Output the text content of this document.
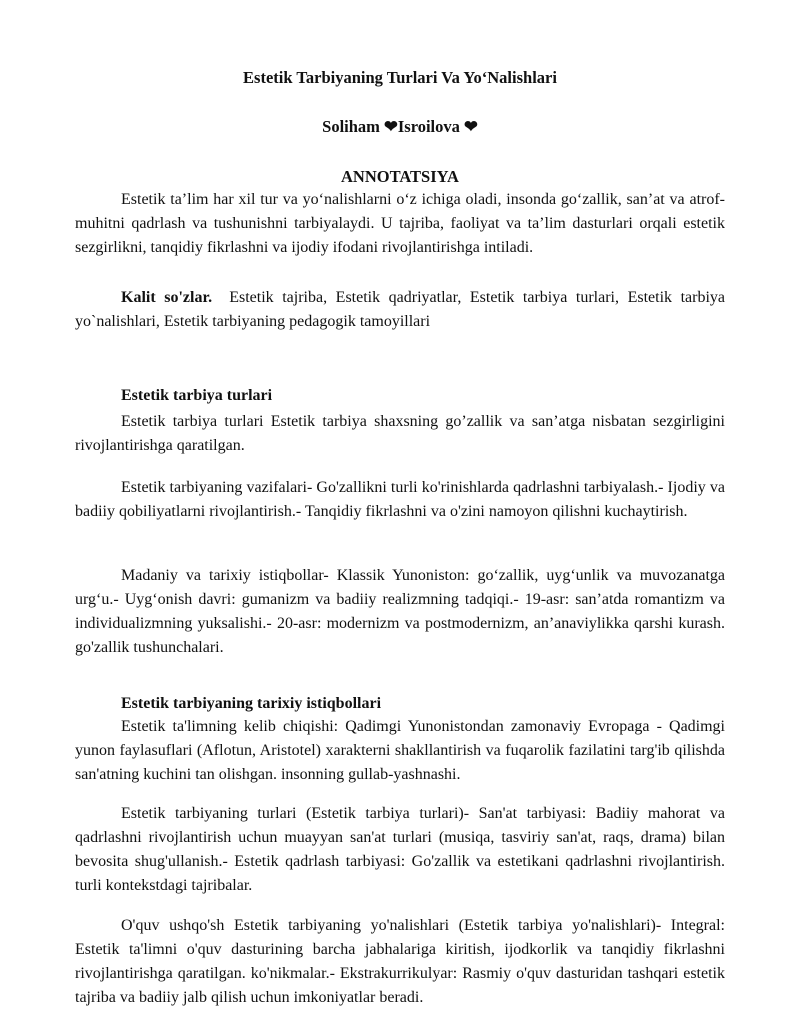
Estetik Tarbiyaning Turlari Va Yo‘Nalishlari
Soliham ❤Isroilova ❤
ANNOTATSIYA

Estetik ta’lim har xil tur va yo‘nalishlarni o‘z ichiga oladi, insonda go‘zallik, san’at va atrof-muhitni qadrlash va tushunishni tarbiyalaydi. U tajriba, faoliyat va ta’lim dasturlari orqali estetik sezgirlikni, tanqidiy fikrlashni va ijodiy ifodani rivojlantirishga intiladi.

Kalit so'zlar. Estetik tajriba, Estetik qadriyatlar, Estetik tarbiya turlari, Estetik tarbiya yo`nalishlari, Estetik tarbiyaning pedagogik tamoyillari

Estetik tarbiya turlari

Estetik tarbiya turlari Estetik tarbiya shaxsning go’zallik va san’atga nisbatan sezgirligini rivojlantirishga qaratilgan.

Estetik tarbiyaning vazifalari- Go'zallikni turli ko'rinishlarda qadrlashni tarbiyalash.- Ijodiy va badiiy qobiliyatlarni rivojlantirish.- Tanqidiy fikrlashni va o'zini namoyon qilishni kuchaytirish.

Madaniy va tarixiy istiqbollar- Klassik Yunoniston: go‘zallik, uyg‘unlik va muvozanatga urg‘u.- Uyg‘onish davri: gumanizm va badiiy realizmning tadqiqi.- 19-asr: san’atda romantizm va individualizmning yuksalishi.- 20-asr: modernizm va postmodernizm, an’anaviylikka qarshi kurash. go'zallik tushunchalari.

Estetik tarbiyaning tarixiy istiqbollari

Estetik ta'limning kelib chiqishi: Qadimgi Yunonistondan zamonaviy Evropaga - Qadimgi yunon faylasuflari (Aflotun, Aristotel) xarakterni shakllantirish va fuqarolik fazilatini targ'ib qilishda san'atning kuchini tan olishgan. insonning gullab-yashnashi.

Estetik tarbiyaning turlari (Estetik tarbiya turlari)- San'at tarbiyasi: Badiiy mahorat va qadrlashni rivojlantirish uchun muayyan san'at turlari (musiqa, tasviriy san'at, raqs, drama) bilan bevosita shug'ullanish.- Estetik qadrlash tarbiyasi: Go'zallik va estetikani qadrlashni rivojlantirish. turli kontekstdagi tajribalar.

O'quv ushqo'sh Estetik tarbiyaning yo'nalishlari (Estetik tarbiya yo'nalishlari)- Integral: Estetik ta'limni o'quv dasturining barcha jabhalariga kiritish, ijodkorlik va tanqidiy fikrlashni rivojlantirishga qaratilgan. ko'nikmalar.- Ekstrakurrikulyar: Rasmiy o'quv dasturidan tashqari estetik tajriba va badiiy jalb qilish uchun imkoniyatlar beradi.
